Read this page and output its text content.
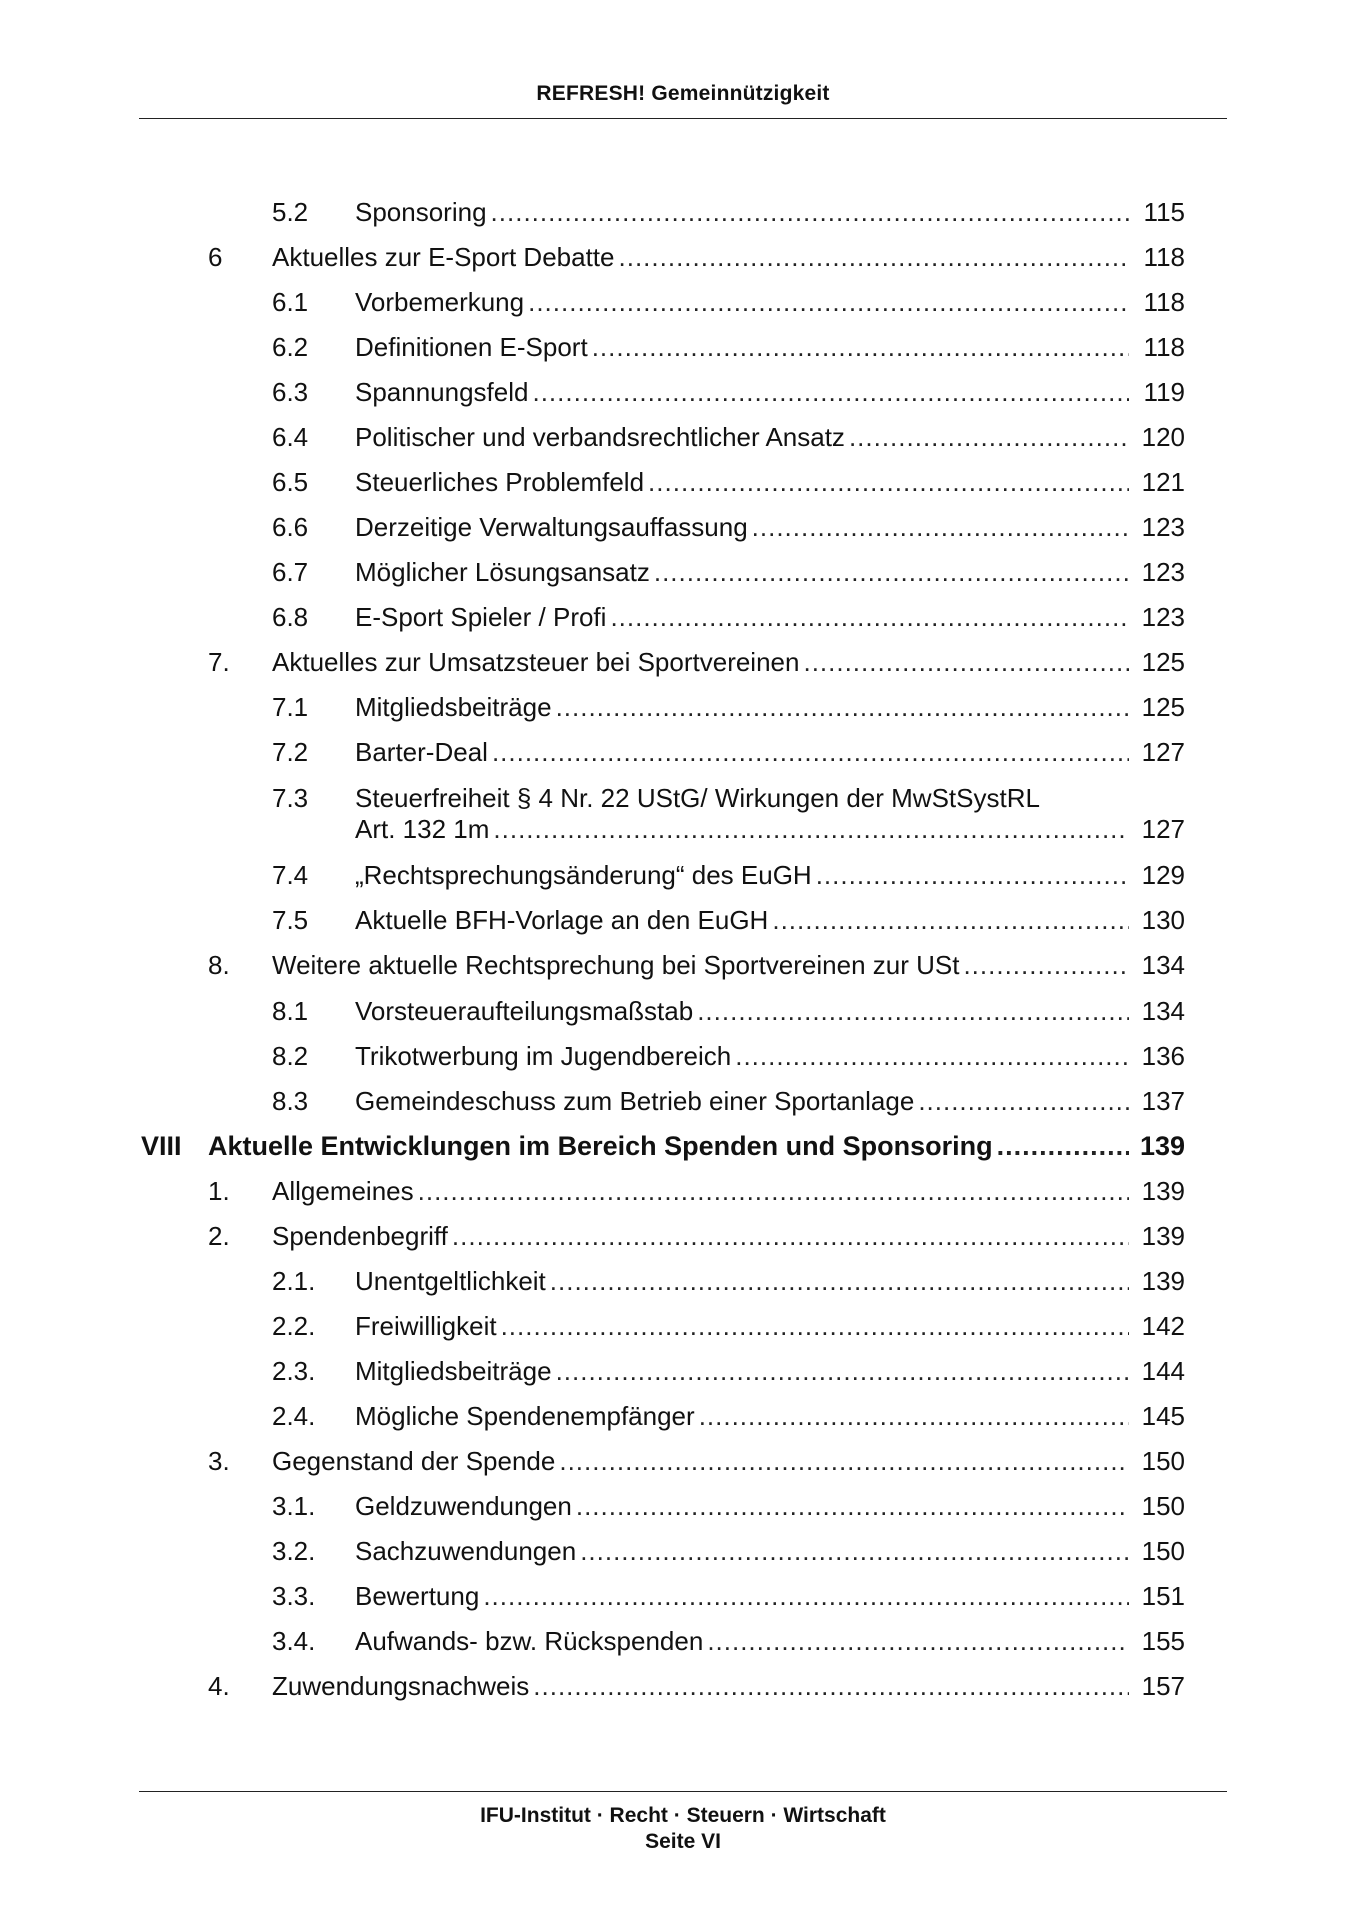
REFRESH! Gemeinnützigkeit
5.2 Sponsoring .....	115
6 Aktuelles zur E-Sport Debatte .....	118
6.1 Vorbemerkung .....	118
6.2 Definitionen E-Sport .....	118
6.3 Spannungsfeld .....	119
6.4 Politischer und verbandsrechtlicher Ansatz .....	120
6.5 Steuerliches Problemfeld .....	121
6.6 Derzeitige Verwaltungsauffassung .....	123
6.7 Möglicher Lösungsansatz .....	123
6.8 E-Sport Spieler / Profi .....	123
7. Aktuelles zur Umsatzsteuer bei Sportvereinen .....	125
7.1 Mitgliedsbeiträge .....	125
7.2 Barter-Deal .....	127
7.3 Steuerfreiheit § 4 Nr. 22 UStG/ Wirkungen der MwStSystRL
Art. 132 1m .....	127
7.4 „Rechtsprechungsänderung“ des EuGH .....	129
7.5 Aktuelle BFH-Vorlage an den EuGH .....	130
8. Weitere aktuelle Rechtsprechung bei Sportvereinen zur USt .....	134
8.1 Vorsteueraufteilungsmaßstab .....	134
8.2 Trikotwerbung im Jugendbereich .....	136
8.3 Gemeindeschuss zum Betrieb einer Sportanlage .....	137
VIII Aktuelle Entwicklungen im Bereich Spenden und Sponsoring .....	139
1. Allgemeines .....	139
2. Spendenbegriff .....	139
2.1. Unentgeltlichkeit .....	139
2.2. Freiwilligkeit .....	142
2.3. Mitgliedsbeiträge .....	144
2.4. Mögliche Spendenempfänger .....	145
3. Gegenstand der Spende .....	150
3.1. Geldzuwendungen .....	150
3.2. Sachzuwendungen .....	150
3.3. Bewertung .....	151
3.4. Aufwands- bzw. Rückspenden .....	155
4. Zuwendungsnachweis .....	157
IFU-Institut · Recht · Steuern · Wirtschaft
Seite VI
